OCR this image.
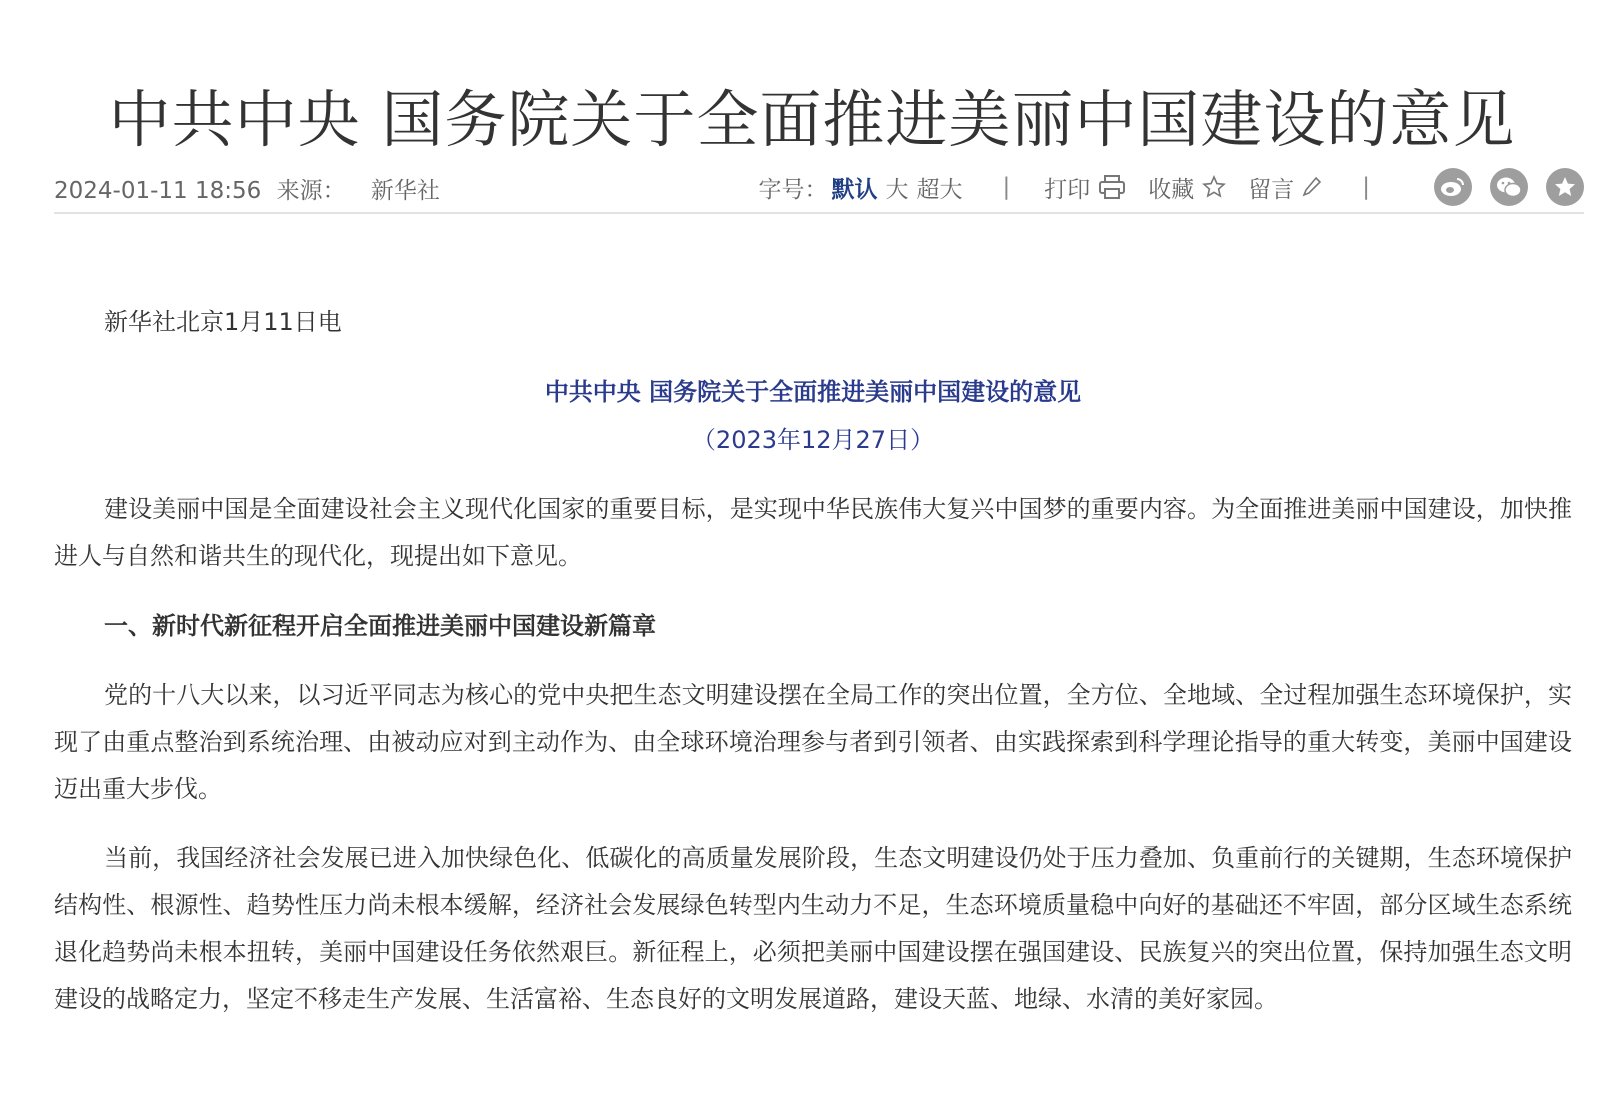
中共中央 国务院关于全面推进美丽中国建设的意见
2024-01-11 18:56 来源： 新华社	字号： 默认 大 超大 | 打印	收藏 留言	|

新华社北京1月11日电

中共中央 国务院关于全面推进美丽中国建设的意见

（2023年12月27日）

建设美丽中国是全面建设社会主义现代化国家的重要目标，是实现中华民族伟大复兴中国梦的重要内容。为全面推进美丽中国建设，加快推进人与自然和谐共生的现代化，现提出如下意见。

一、新时代新征程开启全面推进美丽中国建设新篇章

党的十八大以来，以习近平同志为核心的党中央把生态文明建设摆在全局工作的突出位置，全方位、全地域、全过程加强生态环境保护，实现了由重点整治到系统治理、由被动应对到主动作为、由全球环境治理参与者到引领者、由实践探索到科学理论指导的重大转变，美丽中国建设迈出重大步伐。

当前，我国经济社会发展已进入加快绿色化、低碳化的高质量发展阶段，生态文明建设仍处于压力叠加、负重前行的关键期，生态环境保护结构性、根源性、趋势性压力尚未根本缓解，经济社会发展绿色转型内生动力不足，生态环境质量稳中向好的基础还不牢固，部分区域生态系统退化趋势尚未根本扭转，美丽中国建设任务依然艰巨。新征程上，必须把美丽中国建设摆在强国建设、民族复兴的突出位置，保持加强生态文明建设的战略定力，坚定不移走生产发展、生活富裕、生态良好的文明发展道路，建设天蓝、地绿、水清的美好家园。
